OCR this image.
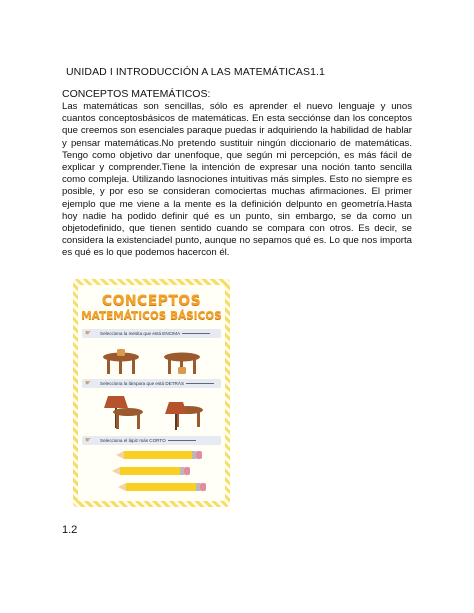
UNIDAD I INTRODUCCIÓN A LAS MATEMÁTICAS1.1
CONCEPTOS MATEMÁTICOS:

Las matemáticas son sencillas, sólo es aprender el nuevo lenguaje y unos cuantos conceptosbásicos de matemáticas. En esta secciónse dan los conceptos que creemos son esenciales paraque puedas ir adquiriendo la habilidad de hablar y pensar matemáticas.No pretendo sustituir ningún diccionario de matemáticas. Tengo como objetivo dar unenfoque, que según mi percepción, es más fácil de explicar y comprender.Tiene la intención de expresar una noción tanto sencilla como compleja. Utilizando lasnociones intuitivas más simples. Esto no siempre es posible, y por eso se consideran comociertas muchas afirmaciones. El primer ejemplo que me viene a la mente es la definición delpunto en geometría.Hasta hoy nadie ha podido definir qué es un punto, sin embargo, se da como un objetodefinido, que tienen sentido cuando se compara con otros. Es decir, se considera la existenciadel punto, aunque no sepamos qué es. Lo que nos importa es qué es lo que podemos hacercon él.

CONCEPTOS
MATEMÁTICOS BÁSICOS
☛ Selecciona la mesita que está ENCIMA
☛ Selecciona la lámpara que está DETRÁS
☛ Selecciona el lápiz más CORTO
1.2
